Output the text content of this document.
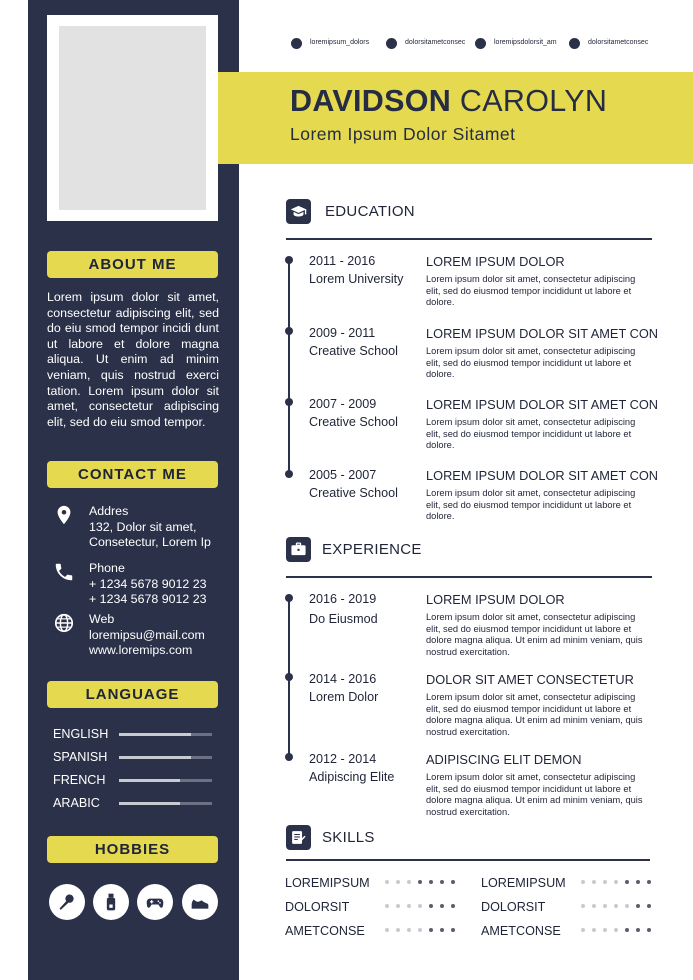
ABOUT ME
Lorem ipsum dolor sit amet, consectetur adipiscing elit, sed do eiu smod tempor incidi dunt ut labore et dolore magna aliqua. Ut enim ad minim veniam, quis nostrud exerci tation. Lorem ipsum dolor sit amet, consectetur adipiscing elit, sed do eiu smod tempor.
CONTACT ME
Addres
132, Dolor sit amet,
Consetectur, Lorem Ip
Phone
+ 1234 5678 9012 23
+ 1234 5678 9012 23
Web
loremipsu@mail.com
www.loremips.com
LANGUAGE
ENGLISH
SPANISH
FRENCH
ARABIC
HOBBIES
loremipsum_dolors	dolorsitametconsec	loremipsdolorsit_am	dolorsitametconsec
DAVIDSON CAROLYN
Lorem Ipsum Dolor Sitamet
EDUCATION
2011 - 2016
Lorem University
LOREM IPSUM DOLOR
Lorem ipsum dolor sit amet, consectetur adipiscing elit, sed do eiusmod tempor incididunt ut labore et dolore.
2009 - 2011
Creative School
LOREM IPSUM DOLOR SIT AMET CON
Lorem ipsum dolor sit amet, consectetur adipiscing elit, sed do eiusmod tempor incididunt ut labore et dolore.
2007 - 2009
Creative School
LOREM IPSUM DOLOR SIT AMET CON
Lorem ipsum dolor sit amet, consectetur adipiscing elit, sed do eiusmod tempor incididunt ut labore et dolore.
2005 - 2007
Creative School
LOREM IPSUM DOLOR SIT AMET CON
Lorem ipsum dolor sit amet, consectetur adipiscing elit, sed do eiusmod tempor incididunt ut labore et dolore.
EXPERIENCE
2016 - 2019
Do Eiusmod
LOREM IPSUM DOLOR
Lorem ipsum dolor sit amet, consectetur adipiscing elit, sed do eiusmod tempor incididunt ut labore et dolore magna aliqua. Ut enim ad minim veniam, quis nostrud exercitation.
2014 - 2016
Lorem Dolor
DOLOR SIT AMET CONSECTETUR
Lorem ipsum dolor sit amet, consectetur adipiscing elit, sed do eiusmod tempor incididunt ut labore et dolore magna aliqua. Ut enim ad minim veniam, quis nostrud exercitation.
2012 - 2014
Adipiscing Elite
ADIPISCING ELIT DEMON
Lorem ipsum dolor sit amet, consectetur adipiscing elit, sed do eiusmod tempor incididunt ut labore et dolore magna aliqua. Ut enim ad minim veniam, quis nostrud exercitation.
SKILLS
LOREMIPSUM	LOREMIPSUM
DOLORSIT	DOLORSIT
AMETCONSE	AMETCONSE
